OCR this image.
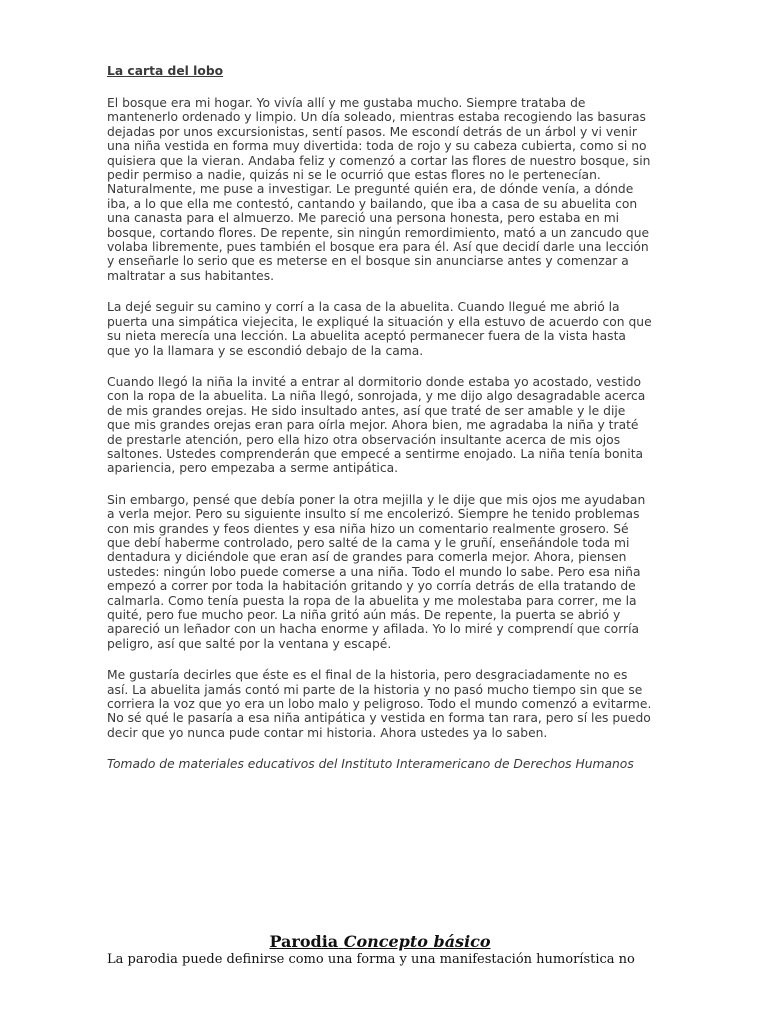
La carta del lobo

El bosque era mi hogar. Yo vivía allí y me gustaba mucho. Siempre trataba de mantenerlo ordenado y limpio. Un día soleado, mientras estaba recogiendo las basuras dejadas por unos excursionistas, sentí pasos. Me escondí detrás de un árbol y vi venir una niña vestida en forma muy divertida: toda de rojo y su cabeza cubierta, como si no quisiera que la vieran. Andaba feliz y comenzó a cortar las flores de nuestro bosque, sin pedir permiso a nadie, quizás ni se le ocurrió que estas flores no le pertenecían. Naturalmente, me puse a investigar. Le pregunté quién era, de dónde venía, a dónde iba, a lo que ella me contestó, cantando y bailando, que iba a casa de su abuelita con una canasta para el almuerzo. Me pareció una persona honesta, pero estaba en mi bosque, cortando flores. De repente, sin ningún remordimiento, mató a un zancudo que volaba libremente, pues también el bosque era para él. Así que decidí darle una lección y enseñarle lo serio que es meterse en el bosque sin anunciarse antes y comenzar a maltratar a sus habitantes.

La dejé seguir su camino y corrí a la casa de la abuelita. Cuando llegué me abrió la puerta una simpática viejecita, le expliqué la situación y ella estuvo de acuerdo con que su nieta merecía una lección. La abuelita aceptó permanecer fuera de la vista hasta que yo la llamara y se escondió debajo de la cama.

Cuando llegó la niña la invité a entrar al dormitorio donde estaba yo acostado, vestido con la ropa de la abuelita. La niña llegó, sonrojada, y me dijo algo desagradable acerca de mis grandes orejas. He sido insultado antes, así que traté de ser amable y le dije que mis grandes orejas eran para oírla mejor. Ahora bien, me agradaba la niña y traté de prestarle atención, pero ella hizo otra observación insultante acerca de mis ojos saltones. Ustedes comprenderán que empecé a sentirme enojado. La niña tenía bonita apariencia, pero empezaba a serme antipática.

Sin embargo, pensé que debía poner la otra mejilla y le dije que mis ojos me ayudaban a verla mejor. Pero su siguiente insulto sí me encolerizó. Siempre he tenido problemas con mis grandes y feos dientes y esa niña hizo un comentario realmente grosero. Sé que debí haberme controlado, pero salté de la cama y le gruñí, enseñándole toda mi dentadura y diciéndole que eran así de grandes para comerla mejor. Ahora, piensen ustedes: ningún lobo puede comerse a una niña. Todo el mundo lo sabe. Pero esa niña empezó a correr por toda la habitación gritando y yo corría detrás de ella tratando de calmarla. Como tenía puesta la ropa de la abuelita y me molestaba para correr, me la quité, pero fue mucho peor. La niña gritó aún más. De repente, la puerta se abrió y apareció un leñador con un hacha enorme y afilada. Yo lo miré y comprendí que corría peligro, así que salté por la ventana y escapé.

Me gustaría decirles que éste es el final de la historia, pero desgraciadamente no es así. La abuelita jamás contó mi parte de la historia y no pasó mucho tiempo sin que se corriera la voz que yo era un lobo malo y peligroso. Todo el mundo comenzó a evitarme. No sé qué le pasaría a esa niña antipática y vestida en forma tan rara, pero sí les puedo decir que yo nunca pude contar mi historia. Ahora ustedes ya lo saben.

Tomado de materiales educativos del Instituto Interamericano de Derechos Humanos

Parodia Concepto básico

La parodia puede definirse como una forma y una manifestación humorística no
